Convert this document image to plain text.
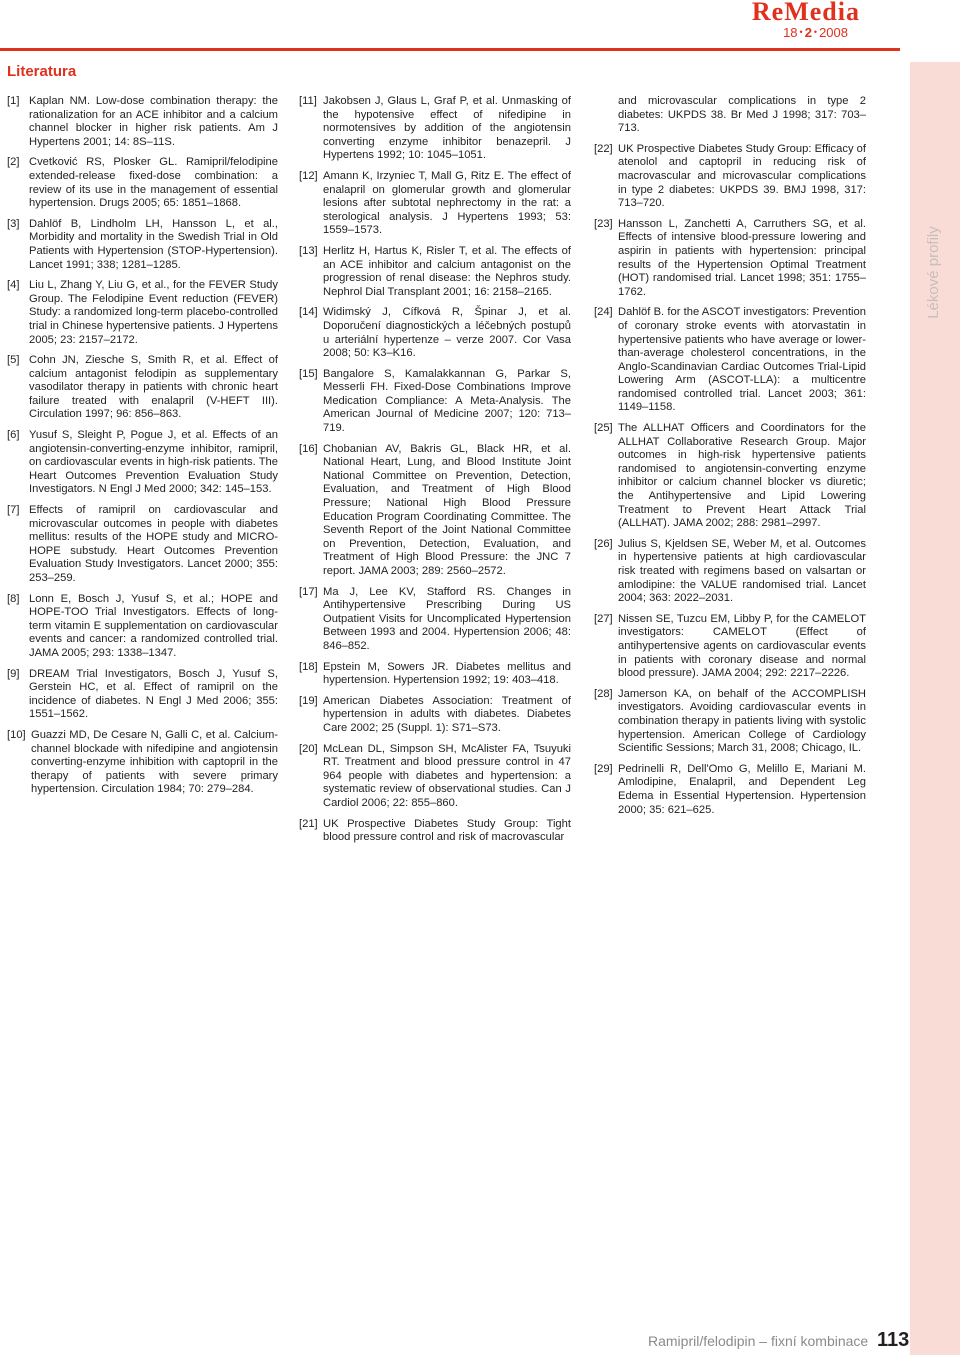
ReMedia
18 • 2 • 2008
Lékové profily
Literatura
[1] Kaplan NM. Low-dose combination therapy: the rationalization for an ACE inhibitor and a calcium channel blocker in higher risk patients. Am J Hypertens 2001; 14: 8S–11S.
[2] Cvetković RS, Plosker GL. Ramipril/felodipine extended-release fixed-dose combination: a review of its use in the management of essential hypertension. Drugs 2005; 65: 1851–1868.
[3] Dahlöf B, Lindholm LH, Hansson L, et al., Morbidity and mortality in the Swedish Trial in Old Patients with Hypertension (STOP-Hypertension). Lancet 1991; 338; 1281–1285.
[4] Liu L, Zhang Y, Liu G, et al., for the FEVER Study Group. The Felodipine Event reduction (FEVER) Study: a randomized long-term placebo-controlled trial in Chinese hypertensive patients. J Hypertens 2005; 23: 2157–2172.
[5] Cohn JN, Ziesche S, Smith R, et al. Effect of calcium antagonist felodipin as supplementary vasodilator therapy in patients with chronic heart failure treated with enalapril (V-HEFT III). Circulation 1997; 96: 856–863.
[6] Yusuf S, Sleight P, Pogue J, et al. Effects of an angiotensin-converting-enzyme inhibitor, ramipril, on cardiovascular events in high-risk patients. The Heart Outcomes Prevention Evaluation Study Investigators. N Engl J Med 2000; 342: 145–153.
[7] Effects of ramipril on cardiovascular and microvascular outcomes in people with diabetes mellitus: results of the HOPE study and MICRO-HOPE substudy. Heart Outcomes Prevention Evaluation Study Investigators. Lancet 2000; 355: 253–259.
[8] Lonn E, Bosch J, Yusuf S, et al.; HOPE and HOPE-TOO Trial Investigators. Effects of long-term vitamin E supplementation on cardiovascular events and cancer: a randomized controlled trial. JAMA 2005; 293: 1338–1347.
[9] DREAM Trial Investigators, Bosch J, Yusuf S, Gerstein HC, et al. Effect of ramipril on the incidence of diabetes. N Engl J Med 2006; 355: 1551–1562.
[10] Guazzi MD, De Cesare N, Galli C, et al. Calcium-channel blockade with nifedipine and angiotensin converting-enzyme inhibition with captopril in the therapy of patients with severe primary hypertension. Circulation 1984; 70: 279–284.
[11] Jakobsen J, Glaus L, Graf P, et al. Unmasking of the hypotensive effect of nifedipine in normotensives by addition of the angiotensin converting enzyme inhibitor benazepril. J Hypertens 1992; 10: 1045–1051.
[12] Amann K, Irzyniec T, Mall G, Ritz E. The effect of enalapril on glomerular growth and glomerular lesions after subtotal nephrectomy in the rat: a sterological analysis. J Hypertens 1993; 53: 1559–1573.
[13] Herlitz H, Hartus K, Risler T, et al. The effects of an ACE inhibitor and calcium antagonist on the progression of renal disease: the Nephros study. Nephrol Dial Transplant 2001; 16: 2158–2165.
[14] Widimský J, Cífková R, Špinar J, et al. Doporučení diagnostických a léčebných postupů u arteriální hypertenze – verze 2007. Cor Vasa 2008; 50: K3–K16.
[15] Bangalore S, Kamalakkannan G, Parkar S, Messerli FH. Fixed-Dose Combinations Improve Medication Compliance: A Meta-Analysis. The American Journal of Medicine 2007; 120: 713–719.
[16] Chobanian AV, Bakris GL, Black HR, et al. National Heart, Lung, and Blood Institute Joint National Committee on Prevention, Detection, Evaluation, and Treatment of High Blood Pressure; National High Blood Pressure Education Program Coordinating Committee. The Seventh Report of the Joint National Committee on Prevention, Detection, Evaluation, and Treatment of High Blood Pressure: the JNC 7 report. JAMA 2003; 289: 2560–2572.
[17] Ma J, Lee KV, Stafford RS. Changes in Antihypertensive Prescribing During US Outpatient Visits for Uncomplicated Hypertension Between 1993 and 2004. Hypertension 2006; 48: 846–852.
[18] Epstein M, Sowers JR. Diabetes mellitus and hypertension. Hypertension 1992; 19: 403–418.
[19] American Diabetes Association: Treatment of hypertension in adults with diabetes. Diabetes Care 2002; 25 (Suppl. 1): S71–S73.
[20] McLean DL, Simpson SH, McAlister FA, Tsuyuki RT. Treatment and blood pressure control in 47 964 people with diabetes and hypertension: a systematic review of observational studies. Can J Cardiol 2006; 22: 855–860.
[21] UK Prospective Diabetes Study Group: Tight blood pressure control and risk of macrovascular
and microvascular complications in type 2 diabetes: UKPDS 38. Br Med J 1998; 317: 703–713.
[22] UK Prospective Diabetes Study Group: Efficacy of atenolol and captopril in reducing risk of macrovascular and microvascular complications in type 2 diabetes: UKPDS 39. BMJ 1998, 317: 713–720.
[23] Hansson L, Zanchetti A, Carruthers SG, et al. Effects of intensive blood-pressure lowering and aspirin in patients with hypertension: principal results of the Hypertension Optimal Treatment (HOT) randomised trial. Lancet 1998; 351: 1755–1762.
[24] Dahlöf B. for the ASCOT investigators: Prevention of coronary stroke events with atorvastatin in hypertensive patients who have average or lower-than-average cholesterol concentrations, in the Anglo-Scandinavian Cardiac Outcomes Trial-Lipid Lowering Arm (ASCOT-LLA): a multicentre randomised controlled trial. Lancet 2003; 361: 1149–1158.
[25] The ALLHAT Officers and Coordinators for the ALLHAT Collaborative Research Group. Major outcomes in high-risk hypertensive patients randomised to angiotensin-converting enzyme inhibitor or calcium channel blocker vs diuretic; the Antihypertensive and Lipid Lowering Treatment to Prevent Heart Attack Trial (ALLHAT). JAMA 2002; 288: 2981–2997.
[26] Julius S, Kjeldsen SE, Weber M, et al. Outcomes in hypertensive patients at high cardiovascular risk treated with regimens based on valsartan or amlodipine: the VALUE randomised trial. Lancet 2004; 363: 2022–2031.
[27] Nissen SE, Tuzcu EM, Libby P, for the CAMELOT investigators: CAMELOT (Effect of antihypertensive agents on cardiovascular events in patients with coronary disease and normal blood pressure). JAMA 2004; 292: 2217–2226.
[28] Jamerson KA, on behalf of the ACCOMPLISH investigators. Avoiding cardiovascular events in combination therapy in patients living with systolic hypertension. American College of Cardiology Scientific Sessions; March 31, 2008; Chicago, IL.
[29] Pedrinelli R, Dell'Omo G, Melillo E, Mariani M. Amlodipine, Enalapril, and Dependent Leg Edema in Essential Hypertension. Hypertension 2000; 35: 621–625.
Ramipril/felodipin – fixní kombinace 113
